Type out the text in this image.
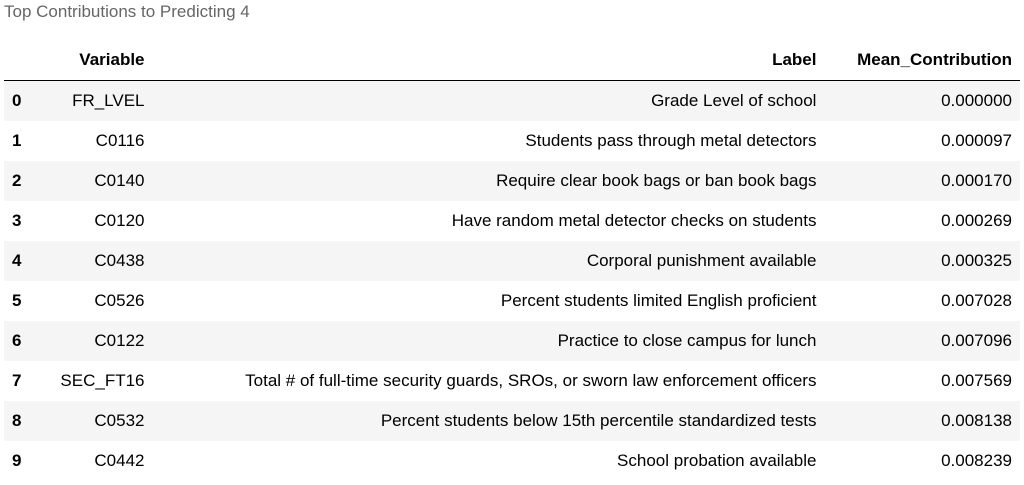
Top Contributions to Predicting 4
	Variable	Label	Mean_Contribution
0	FR_LVEL	Grade Level of school	0.000000
1	C0116	Students pass through metal detectors	0.000097
2	C0140	Require clear book bags or ban book bags	0.000170
3	C0120	Have random metal detector checks on students	0.000269
4	C0438	Corporal punishment available	0.000325
5	C0526	Percent students limited English proficient	0.007028
6	C0122	Practice to close campus for lunch	0.007096
7	SEC_FT16	Total # of full-time security guards, SROs, or sworn law enforcement officers	0.007569
8	C0532	Percent students below 15th percentile standardized tests	0.008138
9	C0442	School probation available	0.008239
